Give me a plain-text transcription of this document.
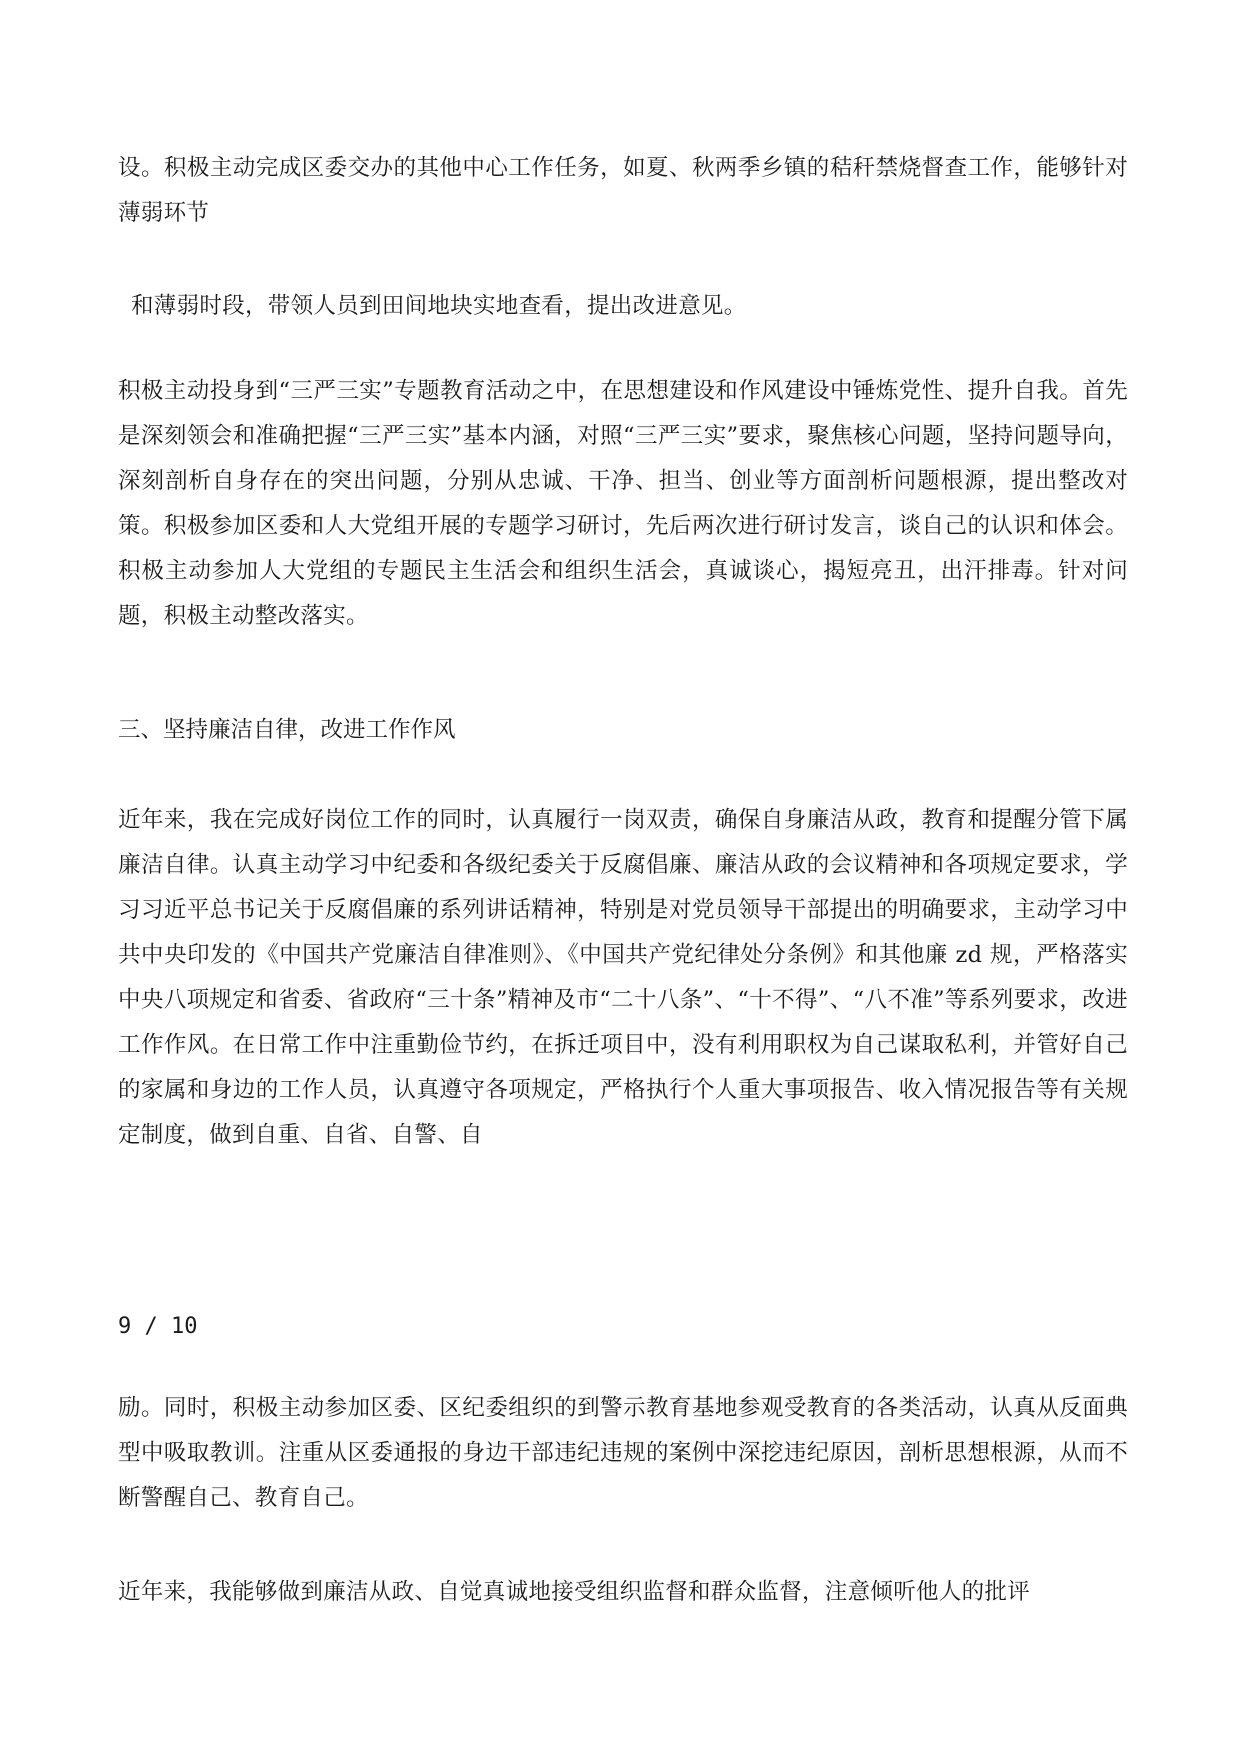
设。积极主动完成区委交办的其他中心工作任务，如夏、秋两季乡镇的秸秆禁烧督查工作，能够针对薄弱环节

和薄弱时段，带领人员到田间地块实地查看，提出改进意见。

积极主动投身到“三严三实”专题教育活动之中，在思想建设和作风建设中锤炼党性、提升自我。首先是深刻领会和准确把握“三严三实”基本内涵，对照“三严三实”要求，聚焦核心问题，坚持问题导向，深刻剖析自身存在的突出问题，分别从忠诚、干净、担当、创业等方面剖析问题根源，提出整改对策。积极参加区委和人大党组开展的专题学习研讨，先后两次进行研讨发言，谈自己的认识和体会。积极主动参加人大党组的专题民主生活会和组织生活会，真诚谈心，揭短亮丑，出汗排毒。针对问题，积极主动整改落实。

三、坚持廉洁自律，改进工作作风

近年来，我在完成好岗位工作的同时，认真履行一岗双责，确保自身廉洁从政，教育和提醒分管下属廉洁自律。认真主动学习中纪委和各级纪委关于反腐倡廉、廉洁从政的会议精神和各项规定要求，学习习近平总书记关于反腐倡廉的系列讲话精神，特别是对党员领导干部提出的明确要求，主动学习中共中央印发的《中国共产党廉洁自律准则》、《中国共产党纪律处分条例》和其他廉 zd 规，严格落实中央八项规定和省委、省政府“三十条”精神及市“二十八条”、“十不得”、“八不准”等系列要求，改进工作作风。在日常工作中注重勤俭节约，在拆迁项目中，没有利用职权为自己谋取私利，并管好自己的家属和身边的工作人员，认真遵守各项规定，严格执行个人重大事项报告、收入情况报告等有关规定制度，做到自重、自省、自警、自

9 / 10

励。同时，积极主动参加区委、区纪委组织的到警示教育基地参观受教育的各类活动，认真从反面典型中吸取教训。注重从区委通报的身边干部违纪违规的案例中深挖违纪原因，剖析思想根源，从而不断警醒自己、教育自己。

近年来，我能够做到廉洁从政、自觉真诚地接受组织监督和群众监督，注意倾听他人的批评
